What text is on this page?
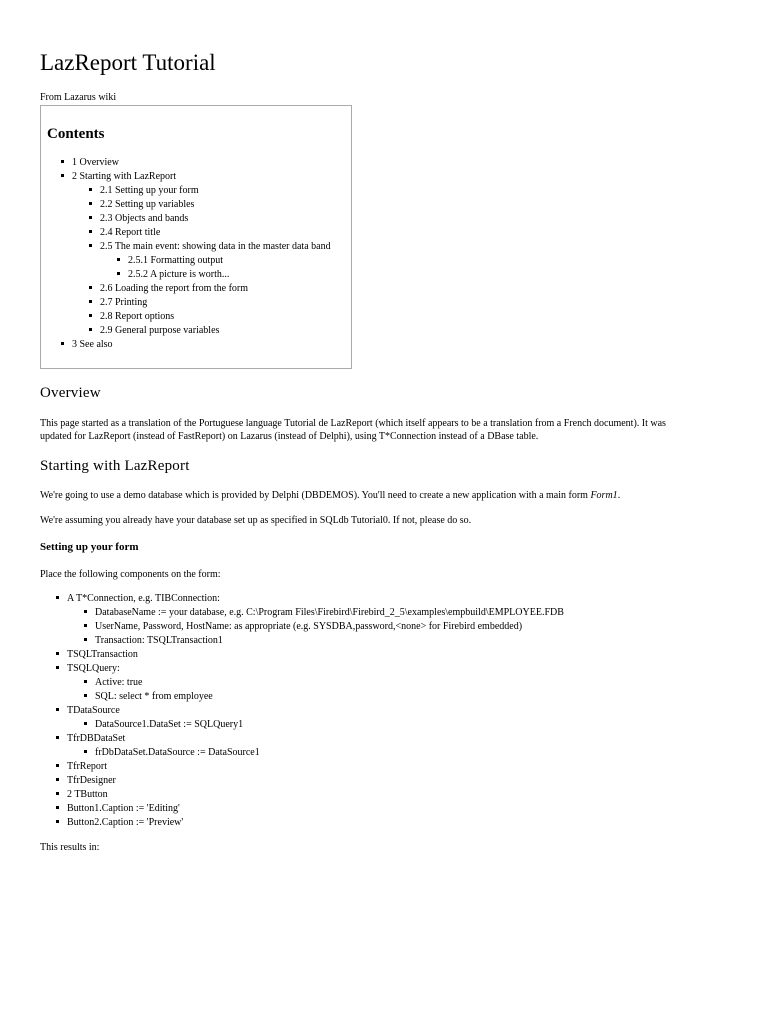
LazReport Tutorial
From Lazarus wiki
Contents
1 Overview
2 Starting with LazReport
2.1 Setting up your form
2.2 Setting up variables
2.3 Objects and bands
2.4 Report title
2.5 The main event: showing data in the master data band
2.5.1 Formatting output
2.5.2 A picture is worth...
2.6 Loading the report from the form
2.7 Printing
2.8 Report options
2.9 General purpose variables
3 See also
Overview
This page started as a translation of the Portuguese language Tutorial de LazReport (which itself appears to be a translation from a French document). It was
updated for LazReport (instead of FastReport) on Lazarus (instead of Delphi), using T*Connection instead of a DBase table.
Starting with LazReport
We're going to use a demo database which is provided by Delphi (DBDEMOS). You'll need to create a new application with a main form Form1.
We're assuming you already have your database set up as specified in SQLdb Tutorial0. If not, please do so.
Setting up your form
Place the following components on the form:
A T*Connection, e.g. TIBConnection:
DatabaseName := your database, e.g. C:\Program Files\Firebird\Firebird_2_5\examples\empbuild\EMPLOYEE.FDB
UserName, Password, HostName: as appropriate (e.g. SYSDBA,password,<none> for Firebird embedded)
Transaction: TSQLTransaction1
TSQLTransaction
TSQLQuery:
Active: true
SQL: select * from employee
TDataSource
DataSource1.DataSet := SQLQuery1
TfrDBDataSet
frDbDataSet.DataSource := DataSource1
TfrReport
TfrDesigner
2 TButton
Button1.Caption := 'Editing'
Button2.Caption := 'Preview'
This results in:
